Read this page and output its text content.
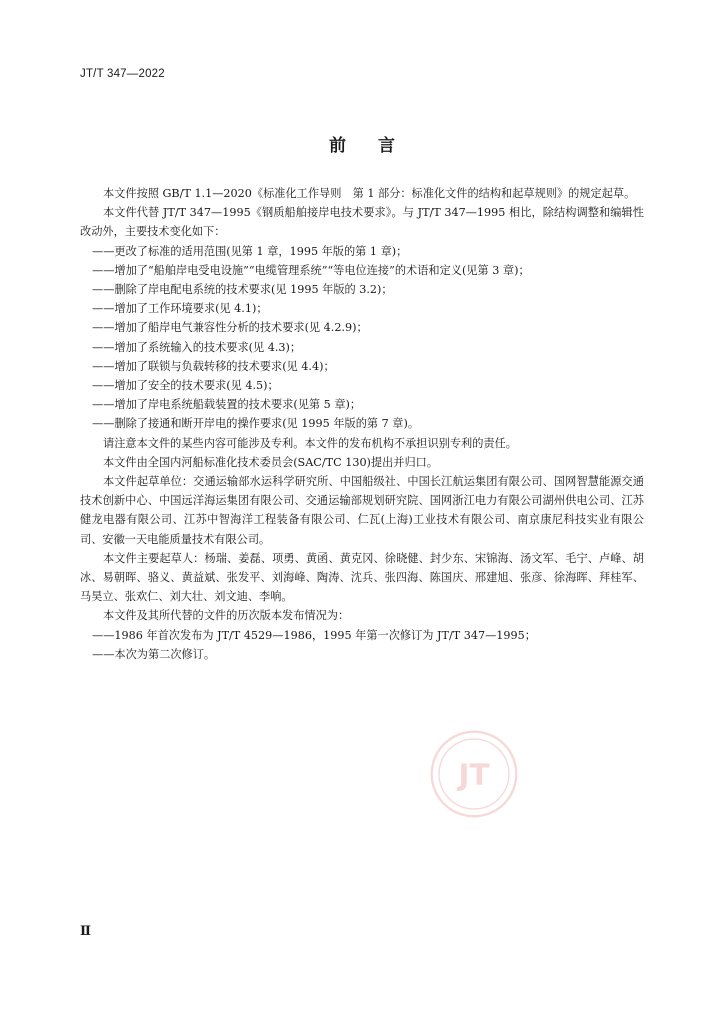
JT/T 347—2022
前言

本文件按照 GB/T 1.1—2020《标准化工作导则　第 1 部分：标准化文件的结构和起草规则》的规定起草。

本文件代替 JT/T 347—1995《钢质船舶接岸电技术要求》。与 JT/T 347—1995 相比，除结构调整和编辑性改动外，主要技术变化如下：

——更改了标准的适用范围(见第 1 章，1995 年版的第 1 章)；

——增加了“船舶岸电受电设施”“电缆管理系统”“等电位连接”的术语和定义(见第 3 章)；

——删除了岸电配电系统的技术要求(见 1995 年版的 3.2)；

——增加了工作环境要求(见 4.1)；

——增加了船岸电气兼容性分析的技术要求(见 4.2.9)；

——增加了系统输入的技术要求(见 4.3)；

——增加了联锁与负载转移的技术要求(见 4.4)；

——增加了安全的技术要求(见 4.5)；

——增加了岸电系统船载装置的技术要求(见第 5 章)；

——删除了接通和断开岸电的操作要求(见 1995 年版的第 7 章)。

请注意本文件的某些内容可能涉及专利。本文件的发布机构不承担识别专利的责任。

本文件由全国内河船标准化技术委员会(SAC/TC 130)提出并归口。

本文件起草单位：交通运输部水运科学研究所、中国船级社、中国长江航运集团有限公司、国网智慧能源交通技术创新中心、中国远洋海运集团有限公司、交通运输部规划研究院、国网浙江电力有限公司湖州供电公司、江苏健龙电器有限公司、江苏中智海洋工程装备有限公司、仁瓦(上海)工业技术有限公司、南京康尼科技实业有限公司、安徽一天电能质量技术有限公司。

本文件主要起草人：杨瑞、姜磊、项勇、黄函、黄克冈、徐晓健、封少东、宋锦海、汤文军、毛宁、卢峰、胡冰、易朝晖、骆义、黄益斌、张发平、刘海峰、陶涛、沈兵、张四海、陈国庆、邢建旭、张彦、徐海晖、拜桂军、马昊立、张欢仁、刘大壮、刘文迪、李响。

本文件及其所代替的文件的历次版本发布情况为：

——1986 年首次发布为 JT/T 4529—1986，1995 年第一次修订为 JT/T 347—1995；

——本次为第二次修订。

JT
Ⅱ
